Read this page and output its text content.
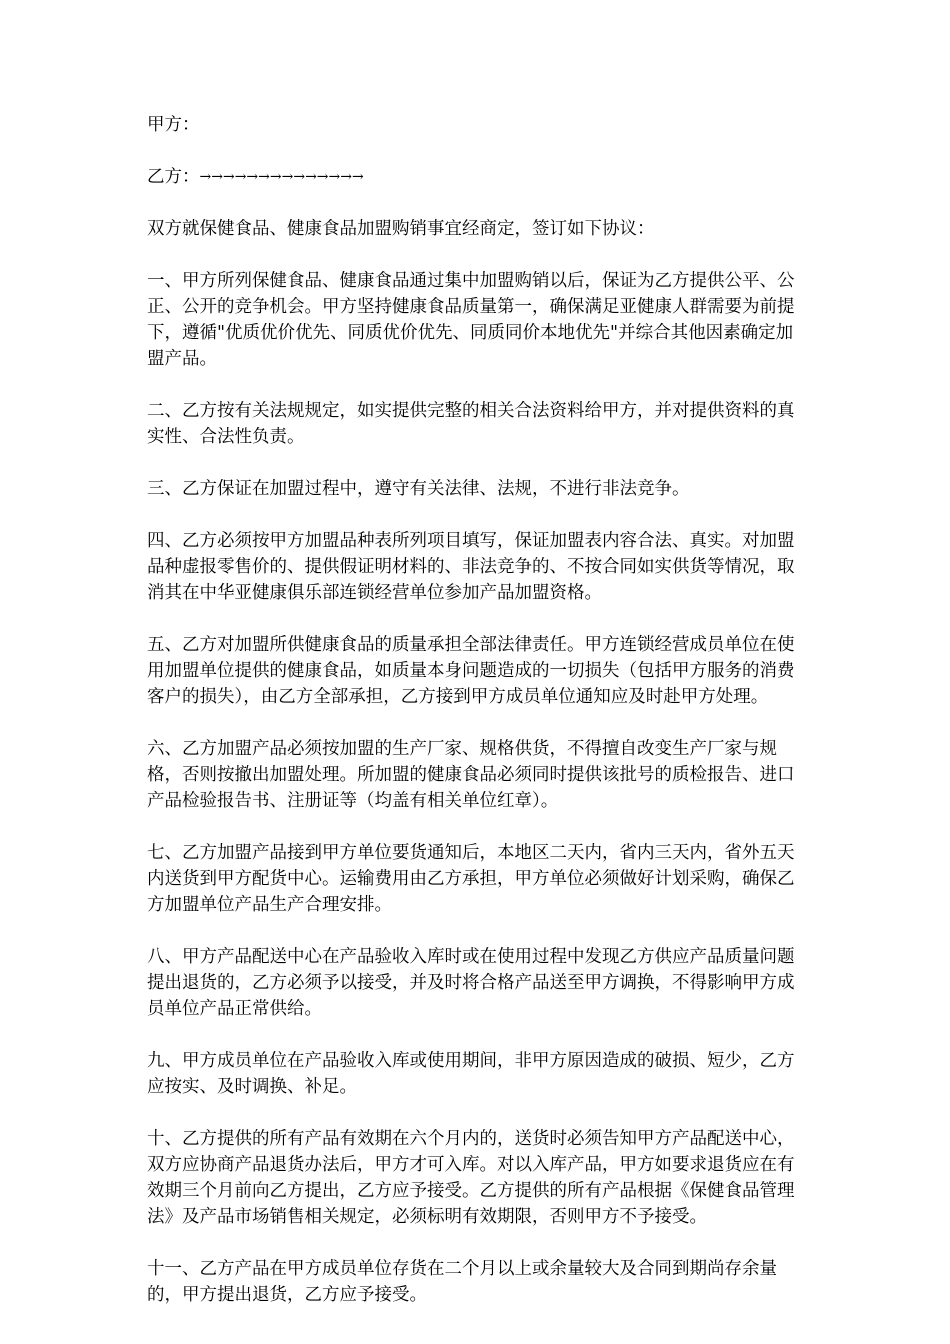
甲方：

乙方： →→→→→→→→→→→→→→

双方就保健食品、健康食品加盟购销事宜经商定，签订如下协议：

一、甲方所列保健食品、健康食品通过集中加盟购销以后，保证为乙方提供公平、公正、公开的竞争机会。甲方坚持健康食品质量第一，确保满足亚健康人群需要为前提下，遵循"优质优价优先、同质优价优先、同质同价本地优先"并综合其他因素确定加盟产品。

二、乙方按有关法规规定，如实提供完整的相关合法资料给甲方，并对提供资料的真实性、合法性负责。

三、乙方保证在加盟过程中，遵守有关法律、法规，不进行非法竞争。

四、乙方必须按甲方加盟品种表所列项目填写，保证加盟表内容合法、真实。对加盟品种虚报零售价的、提供假证明材料的、非法竞争的、不按合同如实供货等情况，取消其在中华亚健康俱乐部连锁经营单位参加产品加盟资格。

五、乙方对加盟所供健康食品的质量承担全部法律责任。甲方连锁经营成员单位在使用加盟单位提供的健康食品，如质量本身问题造成的一切损失（包括甲方服务的消费客户的损失），由乙方全部承担，乙方接到甲方成员单位通知应及时赴甲方处理。

六、乙方加盟产品必须按加盟的生产厂家、规格供货，不得擅自改变生产厂家与规格，否则按撤出加盟处理。所加盟的健康食品必须同时提供该批号的质检报告、进口产品检验报告书、注册证等（均盖有相关单位红章）。

七、乙方加盟产品接到甲方单位要货通知后，本地区二天内，省内三天内，省外五天内送货到甲方配货中心。运输费用由乙方承担，甲方单位必须做好计划采购，确保乙方加盟单位产品生产合理安排。

八、甲方产品配送中心在产品验收入库时或在使用过程中发现乙方供应产品质量问题提出退货的，乙方必须予以接受，并及时将合格产品送至甲方调换，不得影响甲方成员单位产品正常供给。

九、甲方成员单位在产品验收入库或使用期间，非甲方原因造成的破损、短少，乙方应按实、及时调换、补足。

十、乙方提供的所有产品有效期在六个月内的，送货时必须告知甲方产品配送中心，双方应协商产品退货办法后，甲方才可入库。对以入库产品，甲方如要求退货应在有效期三个月前向乙方提出，乙方应予接受。乙方提供的所有产品根据《保健食品管理法》及产品市场销售相关规定，必须标明有效期限，否则甲方不予接受。

十一、乙方产品在甲方成员单位存货在二个月以上或余量较大及合同到期尚存余量的，甲方提出退货，乙方应予接受。
